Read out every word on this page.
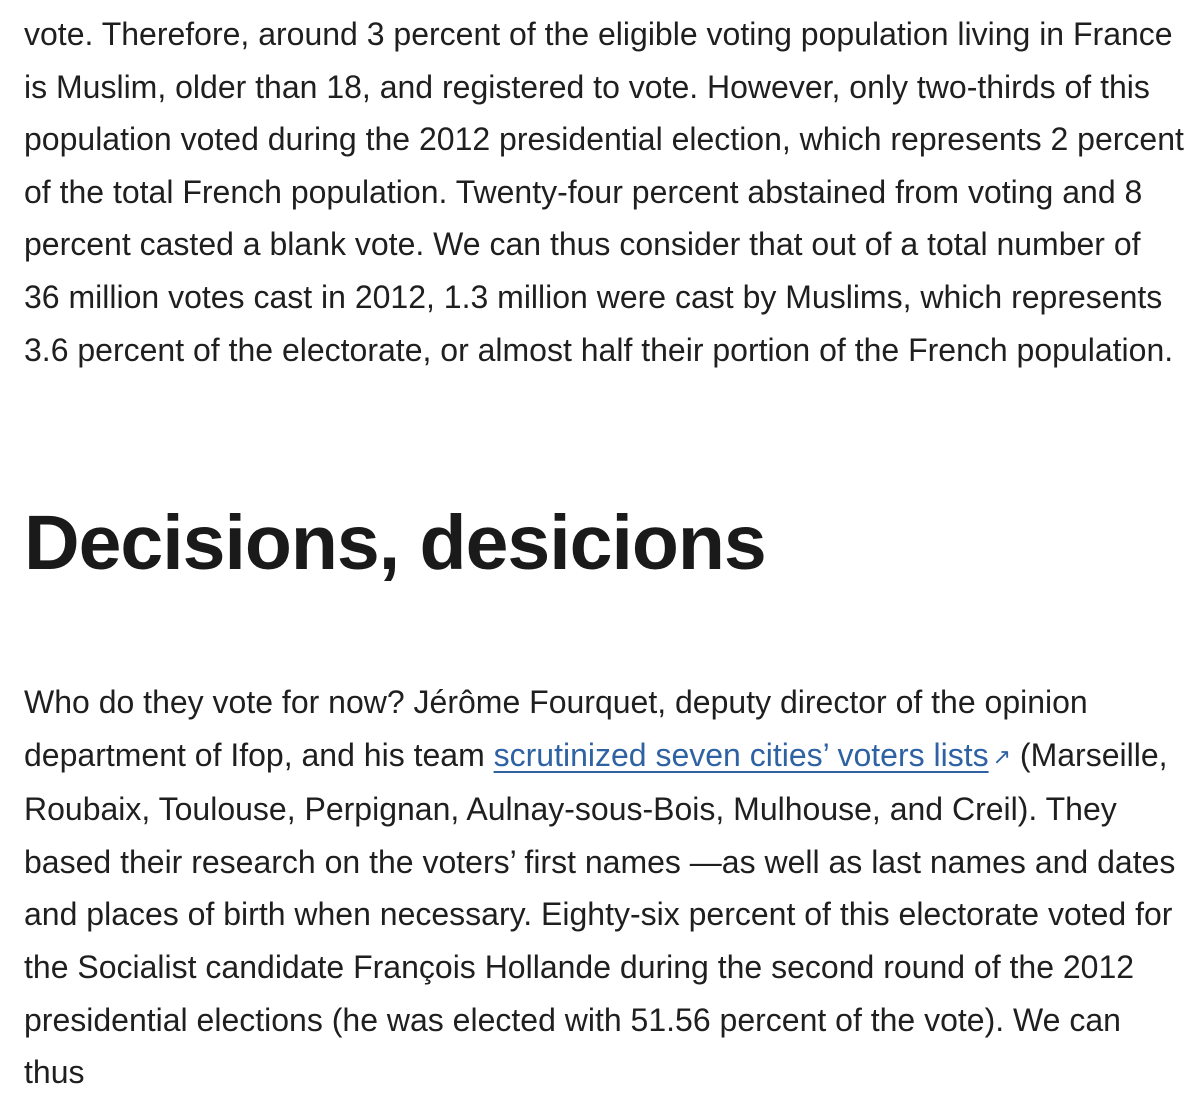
vote. Therefore, around 3 percent of the eligible voting population living in France is Muslim, older than 18, and registered to vote. However, only two-thirds of this population voted during the 2012 presidential election, which represents 2 percent of the total French population. Twenty-four percent abstained from voting and 8 percent casted a blank vote. We can thus consider that out of a total number of 36 million votes cast in 2012, 1.3 million were cast by Muslims, which represents 3.6 percent of the electorate, or almost half their portion of the French population.

Decisions, desicions

Who do they vote for now? Jérôme Fourquet, deputy director of the opinion department of Ifop, and his team scrutinized seven cities’ voters lists ↗ (Marseille, Roubaix, Toulouse, Perpignan, Aulnay-sous-Bois, Mulhouse, and Creil). They based their research on the voters’ first names —as well as last names and dates and places of birth when necessary. Eighty-six percent of this electorate voted for the Socialist candidate François Hollande during the second round of the 2012 presidential elections (he was elected with 51.56 percent of the vote). We can thus
